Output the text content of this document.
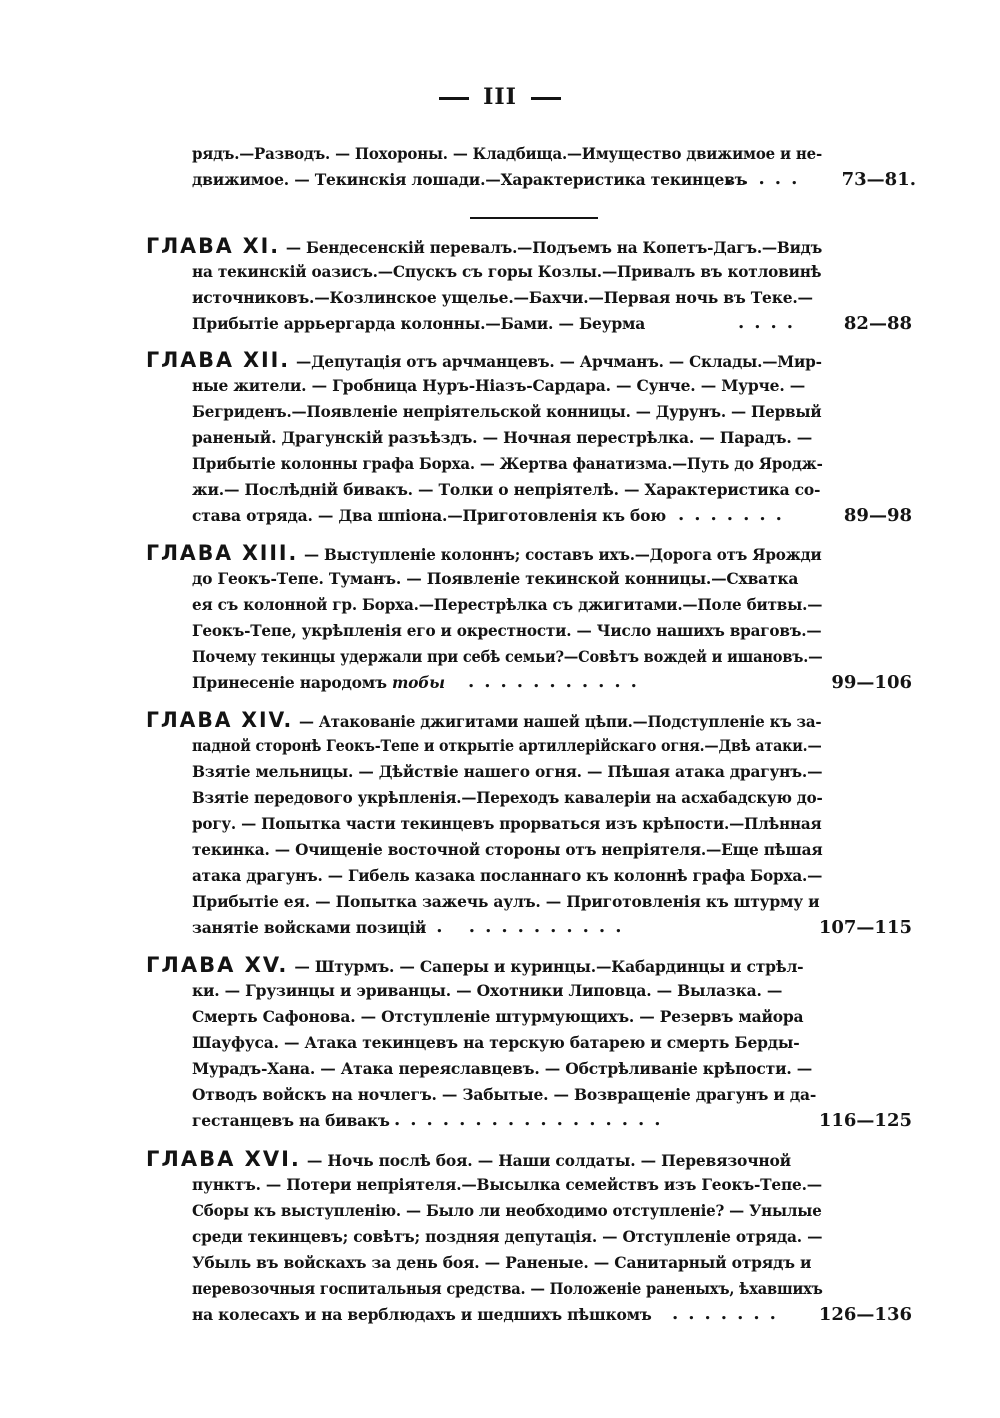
III
рядъ.—Разводъ. — Похороны. — Кладбища.—Имущество движимое и не-
движимое. — Текинскія лошади.—Характеристика текинцевъ
..... 73—81.
ГЛАВА XI. — Бендесенскій перевалъ.—Подъемъ на Копетъ-Дагъ.—Видъ
на текинскій оазисъ.—Спускъ съ горы Козлы.—Привалъ въ котловинѣ
источниковъ.—Козлинское ущелье.—Бахчи.—Первая ночь въ Теке.—
Прибытіе аррьергарда колонны.—Бами. — Беурма	.... 82—88
ГЛАВА XII. —Депутація отъ арчманцевъ. — Арчманъ. — Склады.—Мир-
ные жители. — Гробница Нуръ-Ніазъ-Сардара. — Сунче. — Мурче. —
Бегриденъ.—Появленіе непріятельской конницы. — Дурунъ. — Первый
раненый. Драгунскій разъѣздъ. — Ночная перестрѣлка. — Парадъ. —
Прибытіе колонны графа Борха. — Жертва фанатизма.—Путь до Яродж-
жи.— Послѣдній бивакъ. — Толки о непріятелѣ. — Характеристика со-
става отряда. — Два шпіона.—Приготовленія къ бою .......	89—98
ГЛАВА XIII. — Выступленіе колоннъ; составъ ихъ.—Дорога отъ Ярожди
до Геокъ-Тепе. Туманъ. — Появленіе текинской конницы.—Схватка
ея съ колонной гр. Борха.—Перестрѣлка съ джигитами.—Поле битвы.—
Геокъ-Тепе, укрѣпленія его и окрестности. — Число нашихъ враговъ.—
Почему текинцы удержали при себѣ семьи?—Совѣтъ вождей и ишановъ.—
Принесеніе народомъ тобы ...........	99—106
ГЛАВА XIV. — Атакованіе джигитами нашей цѣпи.—Подступленіе къ за-
падной сторонѣ Геокъ-Тепе и открытіе артиллерійскаго огня.—Двѣ атаки.—
Взятіе мельницы. — Дѣйствіе нашего огня. — Пѣшая атака драгунъ.—
Взятіе передового укрѣпленія.—Переходъ кавалеріи на асхабадскую до-
рогу. — Попытка части текинцевъ прорваться изъ крѣпости.—Плѣнная
текинка. — Очищеніе восточной стороны отъ непріятеля.—Еще пѣшая
атака драгунъ. — Гибель казака посланнаго къ колоннѣ графа Борха.—
Прибытіе ея. — Попытка зажечь аулъ. — Приготовленія къ штурму и
занятіе войсками позицій
.. ..........	107—115
ГЛАВА XV. — Штурмъ. — Саперы и куринцы.—Кабардинцы и стрѣл-
ки. — Грузинцы и эриванцы. — Охотники Липовца. — Вылазка. —
Смерть Сафонова. — Отступленіе штурмующихъ. — Резервъ майора
Шауфуса. — Атака текинцевъ на терскую батарею и смерть Берды-
Мурадъ-Хана. — Атака переяславцевъ. — Обстрѣливаніе крѣпости. —
Отводъ войскъ на ночлегъ. — Забытые. — Возвращеніе драгунъ и да-
гестанцевъ на бивакъ .................	116—125
ГЛАВА XVI. — Ночь послѣ боя. — Наши солдаты. — Перевязочной
пунктъ. — Потери непріятеля.—Высылка семействъ изъ Геокъ-Тепе.—
Сборы къ выступленію. — Было ли необходимо отступленіе? — Унылые
среди текинцевъ; совѣтъ; поздняя депутація. — Отступленіе отряда. —
Убыль въ войскахъ за день боя. — Раненые. — Санитарный отрядъ и
перевозочныя госпитальныя средства. — Положеніе раненыхъ, ѣхавшихъ
на колесахъ и на верблюдахъ и шедшихъ пѣшкомъ ....... 126—136
